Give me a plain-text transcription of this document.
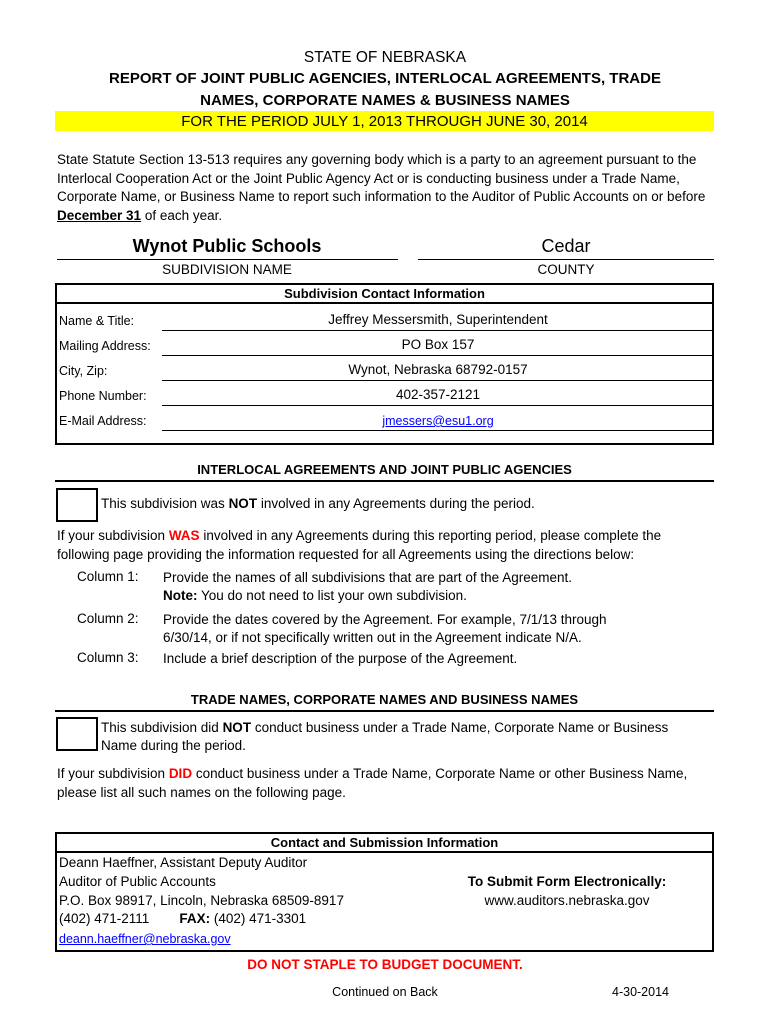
STATE OF NEBRASKA
REPORT OF JOINT PUBLIC AGENCIES, INTERLOCAL AGREEMENTS, TRADE
NAMES, CORPORATE NAMES & BUSINESS NAMES
FOR THE PERIOD JULY 1, 2013 THROUGH JUNE 30, 2014
State Statute Section 13-513 requires any governing body which is a party to an agreement pursuant to the Interlocal Cooperation Act or the Joint Public Agency Act or is conducting business under a Trade Name, Corporate Name, or Business Name to report such information to the Auditor of Public Accounts on or before December 31 of each year.
Wynot Public Schools
SUBDIVISION NAME
Cedar
COUNTY
Subdivision Contact Information
Name & Title:	Jeffrey Messersmith, Superintendent
Mailing Address:	PO Box 157
City, Zip:	Wynot, Nebraska 68792-0157
Phone Number:	402-357-2121
E-Mail Address:	jmessers@esu1.org
INTERLOCAL AGREEMENTS AND JOINT PUBLIC AGENCIES
This subdivision was NOT involved in any Agreements during the period.
If your subdivision WAS involved in any Agreements during this reporting period, please complete the following page providing the information requested for all Agreements using the directions below:
Column 1: Provide the names of all subdivisions that are part of the Agreement.
Note: You do not need to list your own subdivision.
Column 2: Provide the dates covered by the Agreement. For example, 7/1/13 through 6/30/14, or if not specifically written out in the Agreement indicate N/A.
Column 3: Include a brief description of the purpose of the Agreement.
TRADE NAMES, CORPORATE NAMES AND BUSINESS NAMES
This subdivision did NOT conduct business under a Trade Name, Corporate Name or Business Name during the period.
If your subdivision DID conduct business under a Trade Name, Corporate Name or other Business Name, please list all such names on the following page.
Contact and Submission Information
Deann Haeffner, Assistant Deputy Auditor
Auditor of Public Accounts
P.O. Box 98917, Lincoln, Nebraska 68509-8917
(402) 471-2111 FAX: (402) 471-3301
deann.haeffner@nebraska.gov
To Submit Form Electronically:
www.auditors.nebraska.gov
DO NOT STAPLE TO BUDGET DOCUMENT.
Continued on Back	4-30-2014
